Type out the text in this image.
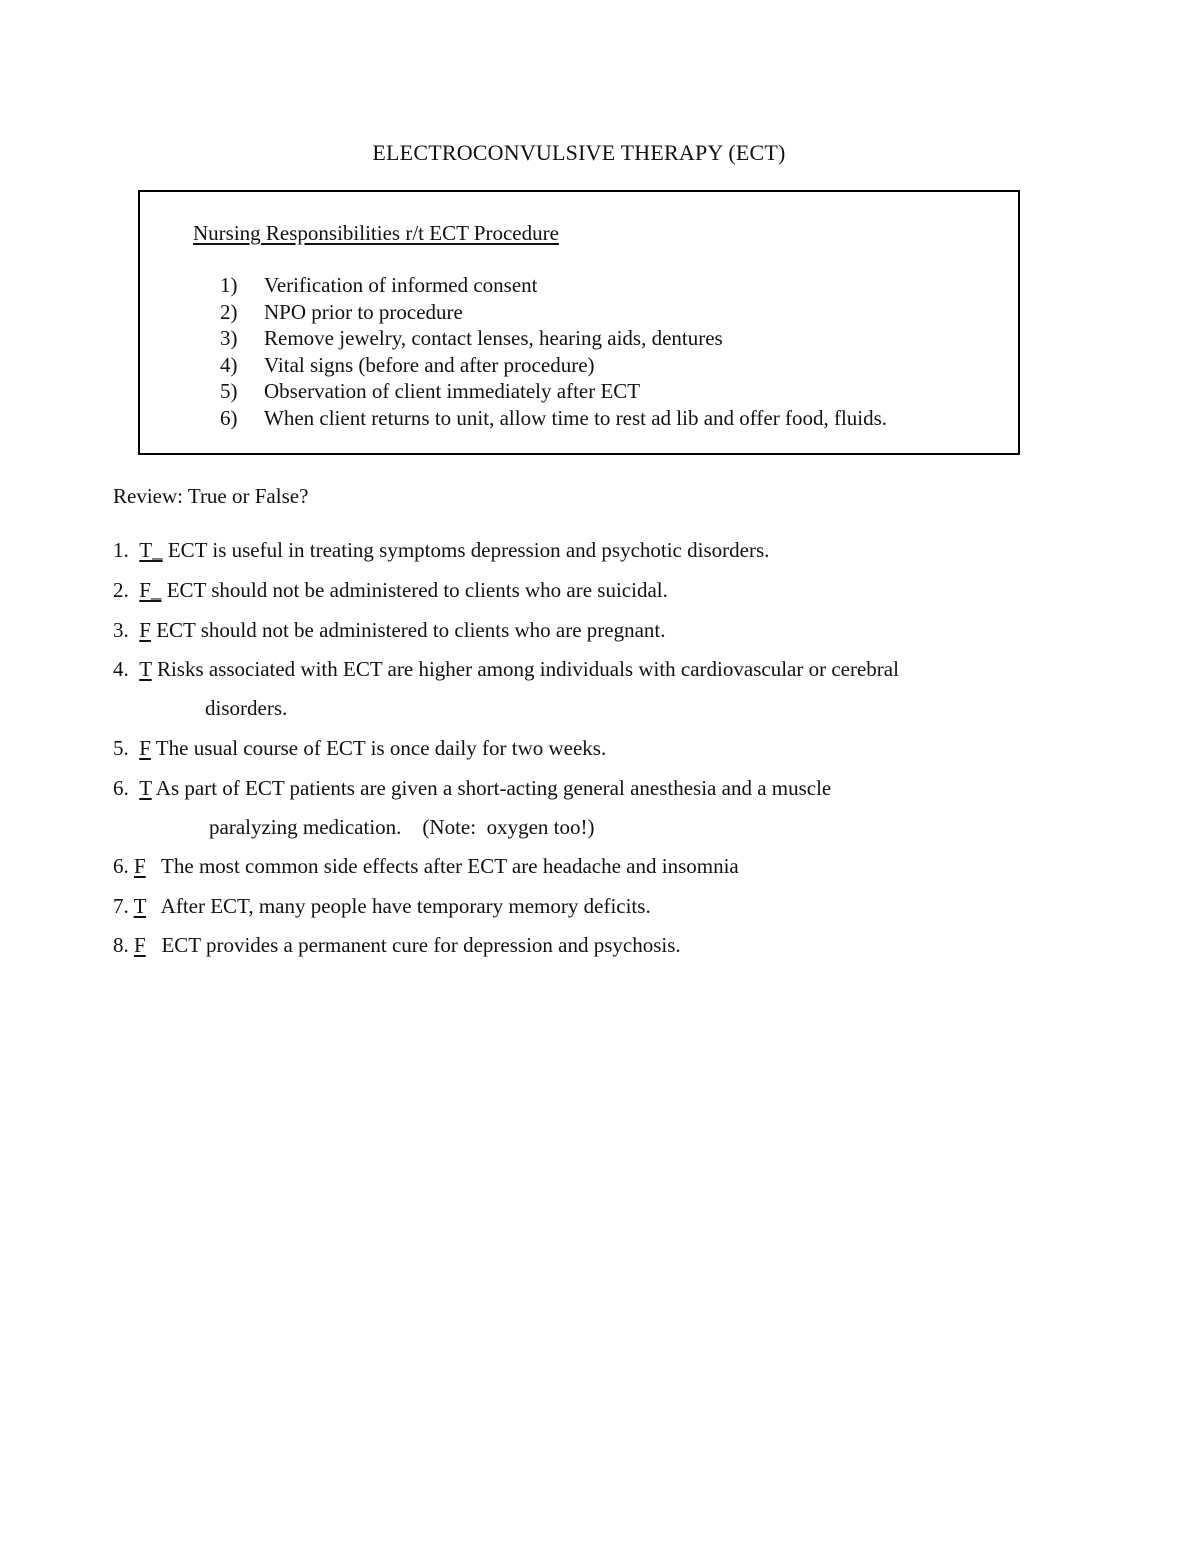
ELECTROCONVULSIVE THERAPY (ECT)
Nursing Responsibilities r/t ECT Procedure
1) Verification of informed consent
2) NPO prior to procedure
3) Remove jewelry, contact lenses, hearing aids, dentures
4) Vital signs (before and after procedure)
5) Observation of client immediately after ECT
6) When client returns to unit, allow time to rest ad lib and offer food, fluids.
Review: True or False?
1. T_ ECT is useful in treating symptoms depression and psychotic disorders.
2. F_ ECT should not be administered to clients who are suicidal.
3. F ECT should not be administered to clients who are pregnant.
4. T Risks associated with ECT are higher among individuals with cardiovascular or cerebral
disorders.
5. F The usual course of ECT is once daily for two weeks.
6. T As part of ECT patients are given a short-acting general anesthesia and a muscle
paralyzing medication.    (Note:  oxygen too!)
6. F   The most common side effects after ECT are headache and insomnia
7. T   After ECT, many people have temporary memory deficits.
8. F   ECT provides a permanent cure for depression and psychosis.
